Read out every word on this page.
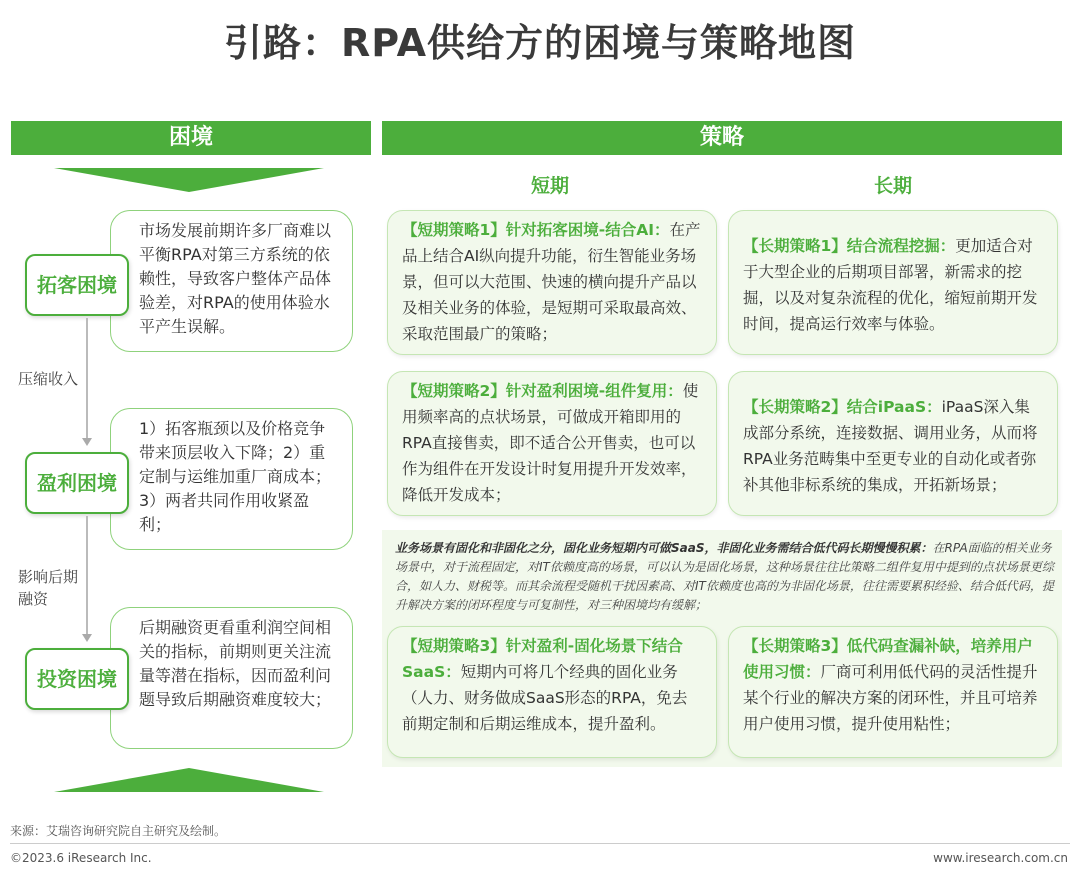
引路：RPA供给方的困境与策略地图
困境
市场发展前期许多厂商难以平衡RPA对第三方系统的依赖性，导致客户整体产品体验差，对RPA的使用体验水平产生误解。
拓客困境
压缩收入
1）拓客瓶颈以及价格竞争带来顶层收入下降；2）重定制与运维加重厂商成本；3）两者共同作用收紧盈利；
盈利困境
影响后期融资
后期融资更看重利润空间相关的指标，前期则更关注流量等潜在指标，因而盈利问题导致后期融资难度较大；
投资困境
策略
短期	长期
【短期策略1】针对拓客困境-结合AI：在产品上结合AI纵向提升功能，衍生智能业务场景，但可以大范围、快速的横向提升产品以及相关业务的体验，是短期可采取最高效、采取范围最广的策略；
【长期策略1】结合流程挖掘：更加适合对于大型企业的后期项目部署，新需求的挖掘，以及对复杂流程的优化，缩短前期开发时间，提高运行效率与体验。
【短期策略2】针对盈利困境-组件复用：使用频率高的点状场景，可做成开箱即用的RPA直接售卖，即不适合公开售卖，也可以作为组件在开发设计时复用提升开发效率，降低开发成本；
【长期策略2】结合iPaaS：iPaaS深入集成部分系统，连接数据、调用业务，从而将RPA业务范畴集中至更专业的自动化或者弥补其他非标系统的集成，开拓新场景；
业务场景有固化和非固化之分，固化业务短期内可做SaaS，非固化业务需结合低代码长期慢慢积累：在RPA面临的相关业务场景中，对于流程固定，对IT依赖度高的场景，可以认为是固化场景，这种场景往往比策略二组件复用中提到的点状场景更综合，如人力、财税等。而其余流程受随机干扰因素高、对IT依赖度也高的为非固化场景，往往需要累积经验、结合低代码，提升解决方案的闭环程度与可复制性，对三种困境均有缓解；
【短期策略3】针对盈利-固化场景下结合SaaS：短期内可将几个经典的固化业务（人力、财务做成SaaS形态的RPA，免去前期定制和后期运维成本，提升盈利。
【长期策略3】低代码查漏补缺，培养用户使用习惯：厂商可利用低代码的灵活性提升某个行业的解决方案的闭环性，并且可培养用户使用习惯，提升使用粘性；
来源：艾瑞咨询研究院自主研究及绘制。
©2023.6 iResearch Inc.	www.iresearch.com.cn
